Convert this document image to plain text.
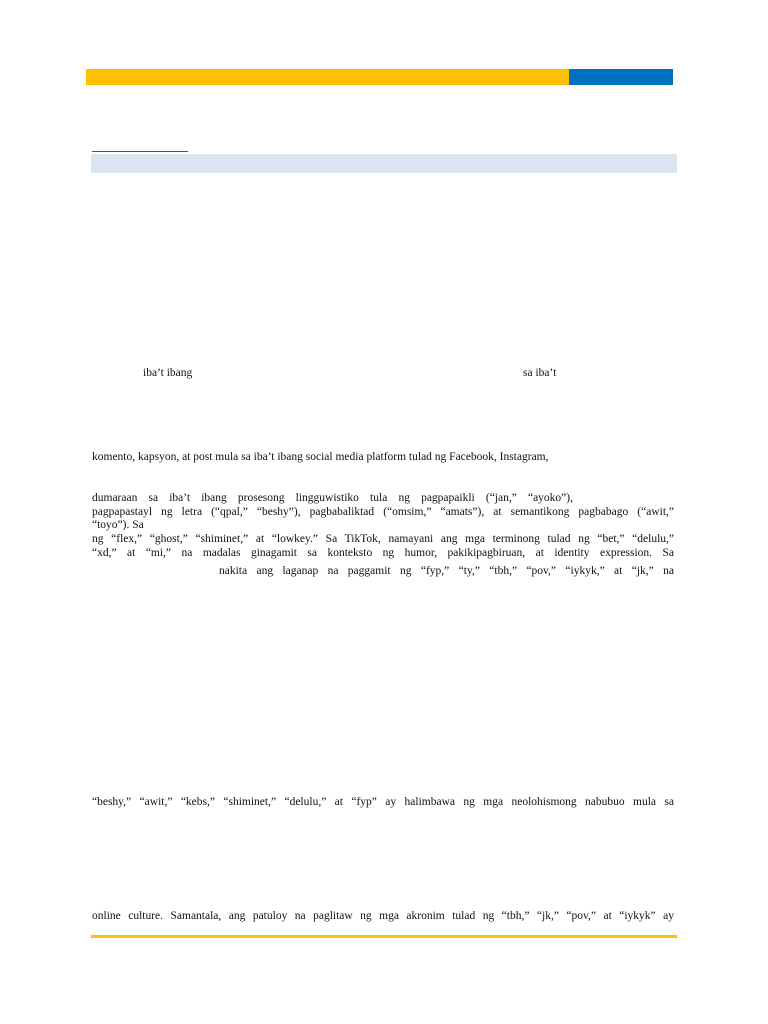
iba’t ibang	sa iba’t
komento, kapsyon, at post mula sa iba’t ibang social media platform tulad ng Facebook, Instagram,
dumaraan sa iba’t ibang prosesong lingguwistiko tula ng pagpapaikli (“jan,” “ayoko”),
pagpapastayl ng letra (“qpal,” “beshy”), pagbabaliktad (“omsim,” “amats”), at semantikong pagbabago (“awit,”
“toyo”). Sa
ng “flex,” “ghost,” “shiminet,” at “lowkey.” Sa TikTok, namayani ang mga terminong tulad ng “bet,” “delulu,”
“xd,” at “mi,” na madalas ginagamit sa konteksto ng humor, pakikipagbiruan, at identity expression. Sa
nakita ang laganap na paggamit ng “fyp,” “ty,” “tbh,” “pov,” “iykyk,” at “jk,” na
“beshy,” “awit,” “kebs,” “shiminet,” “delulu,” at “fyp” ay halimbawa ng mga neolohismong nabubuo mula sa
online culture. Samantala, ang patuloy na paglitaw ng mga akronim tulad ng “tbh,” “jk,” “pov,” at “iykyk” ay
